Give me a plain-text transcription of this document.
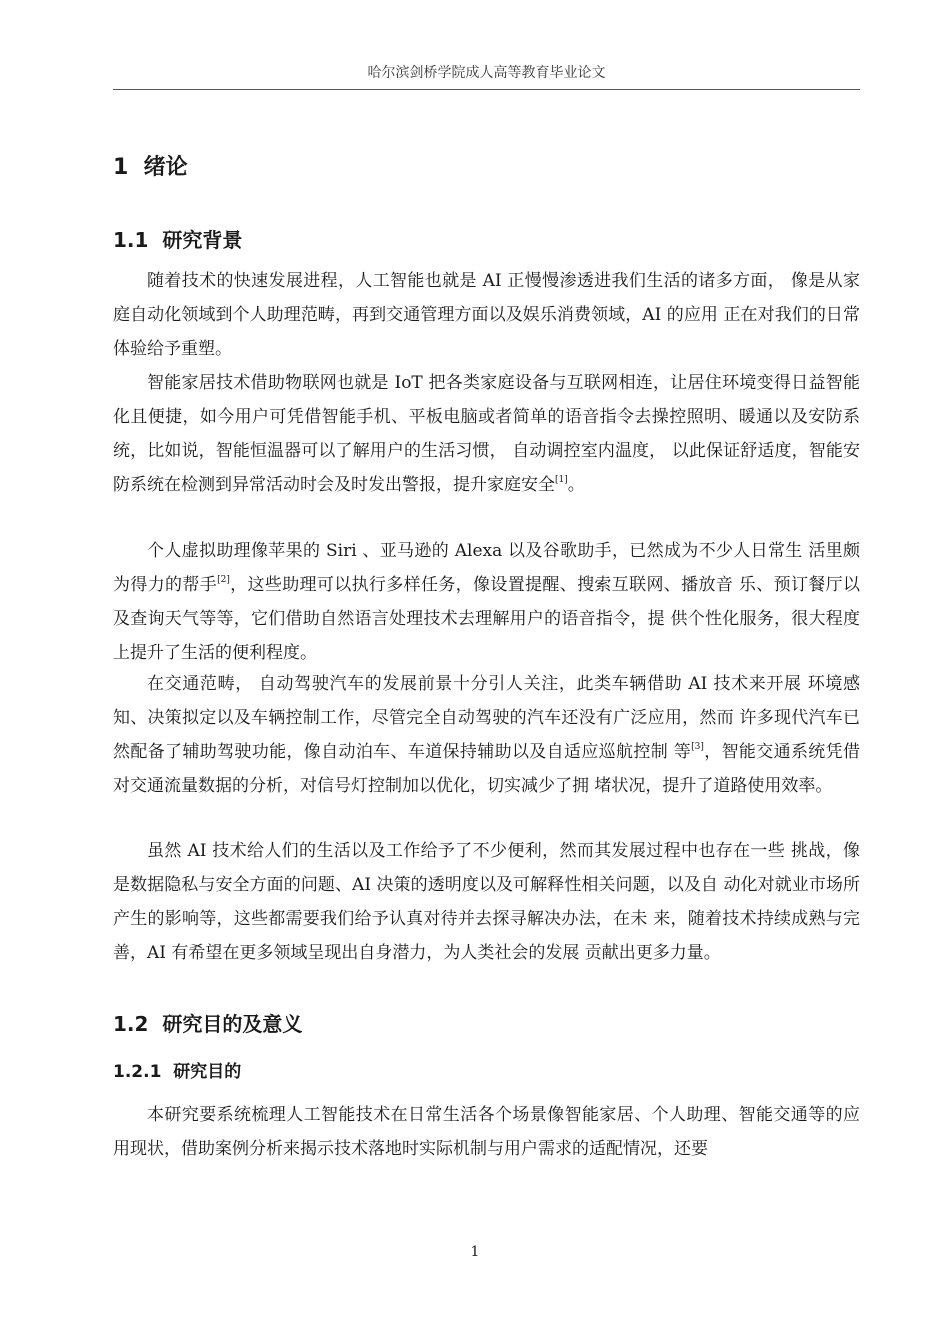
哈尔滨剑桥学院成人高等教育毕业论文
1 绪论
1.1 研究背景

随着技术的快速发展进程，人工智能也就是 AI 正慢慢渗透进我们生活的诸多方面， 像是从家庭自动化领域到个人助理范畴，再到交通管理方面以及娱乐消费领域，AI 的应用 正在对我们的日常体验给予重塑。

智能家居技术借助物联网也就是 IoT 把各类家庭设备与互联网相连，让居住环境变得日益智能化且便捷，如今用户可凭借智能手机、平板电脑或者简单的语音指令去操控照明、暖通以及安防系统，比如说，智能恒温器可以了解用户的生活习惯， 自动调控室内温度， 以此保证舒适度，智能安防系统在检测到异常活动时会及时发出警报，提升家庭安全[1]。

个人虚拟助理像苹果的 Siri 、亚马逊的 Alexa 以及谷歌助手，已然成为不少人日常生 活里颇为得力的帮手[2]，这些助理可以执行多样任务，像设置提醒、搜索互联网、播放音 乐、预订餐厅以及查询天气等等，它们借助自然语言处理技术去理解用户的语音指令，提 供个性化服务，很大程度上提升了生活的便利程度。

在交通范畴， 自动驾驶汽车的发展前景十分引人关注，此类车辆借助 AI 技术来开展 环境感知、决策拟定以及车辆控制工作，尽管完全自动驾驶的汽车还没有广泛应用，然而 许多现代汽车已然配备了辅助驾驶功能，像自动泊车、车道保持辅助以及自适应巡航控制 等[3]，智能交通系统凭借对交通流量数据的分析，对信号灯控制加以优化，切实减少了拥 堵状况，提升了道路使用效率。

虽然 AI 技术给人们的生活以及工作给予了不少便利，然而其发展过程中也存在一些 挑战，像是数据隐私与安全方面的问题、AI 决策的透明度以及可解释性相关问题，以及自 动化对就业市场所产生的影响等，这些都需要我们给予认真对待并去探寻解决办法，在未 来，随着技术持续成熟与完善，AI 有希望在更多领域呈现出自身潜力，为人类社会的发展 贡献出更多力量。

1.2 研究目的及意义
1.2.1 研究目的

本研究要系统梳理人工智能技术在日常生活各个场景像智能家居、个人助理、智能交通等的应用现状，借助案例分析来揭示技术落地时实际机制与用户需求的适配情况，还要

1
